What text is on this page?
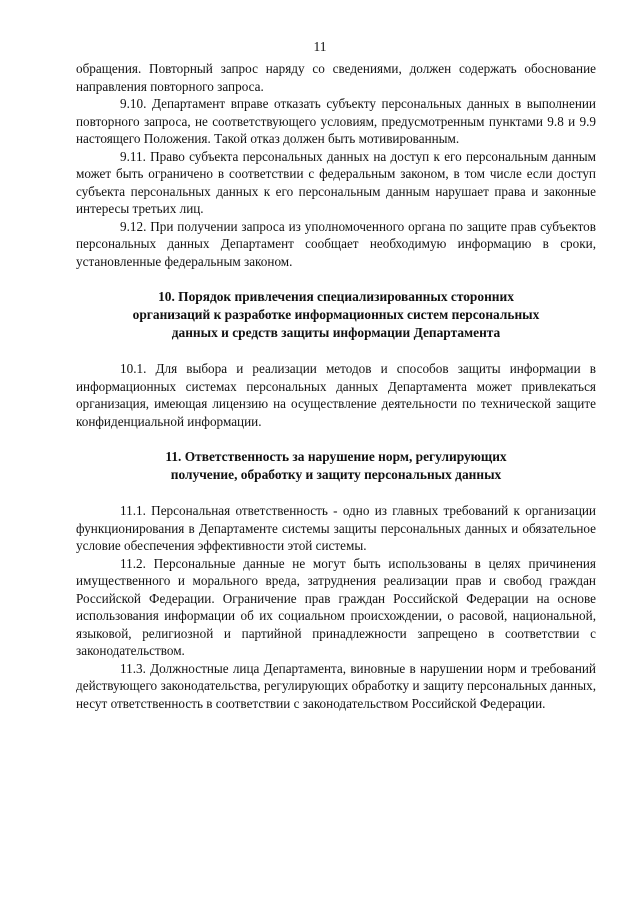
11

обращения. Повторный запрос наряду со сведениями, должен содержать обоснование направления повторного запроса.

9.10. Департамент вправе отказать субъекту персональных данных в выполнении повторного запроса, не соответствующего условиям, предусмотренным пунктами 9.8 и 9.9 настоящего Положения. Такой отказ должен быть мотивированным.

9.11. Право субъекта персональных данных на доступ к его персональным данным может быть ограничено в соответствии с федеральным законом, в том числе если доступ субъекта персональных данных к его персональным данным нарушает права и законные интересы третьих лиц.

9.12. При получении запроса из уполномоченного органа по защите прав субъектов персональных данных Департамент сообщает необходимую информацию в сроки, установленные федеральным законом.

10. Порядок привлечения специализированных сторонних
организаций к разработке информационных систем персональных
данных и средств защиты информации Департамента

10.1. Для выбора и реализации методов и способов защиты информации в информационных системах персональных данных Департамента может привлекаться организация, имеющая лицензию на осуществление деятельности по технической защите конфиденциальной информации.

11. Ответственность за нарушение норм, регулирующих
получение, обработку и защиту персональных данных

11.1. Персональная ответственность - одно из главных требований к организации функционирования в Департаменте системы защиты персональных данных и обязательное условие обеспечения эффективности этой системы.

11.2. Персональные данные не могут быть использованы в целях причинения имущественного и морального вреда, затруднения реализации прав и свобод граждан Российской Федерации. Ограничение прав граждан Российской Федерации на основе использования информации об их социальном происхождении, о расовой, национальной, языковой, религиозной и партийной принадлежности запрещено в соответствии с законодательством.

11.3. Должностные лица Департамента, виновные в нарушении норм и требований действующего законодательства, регулирующих обработку и защиту персональных данных, несут ответственность в соответствии с законодательством Российской Федерации.
